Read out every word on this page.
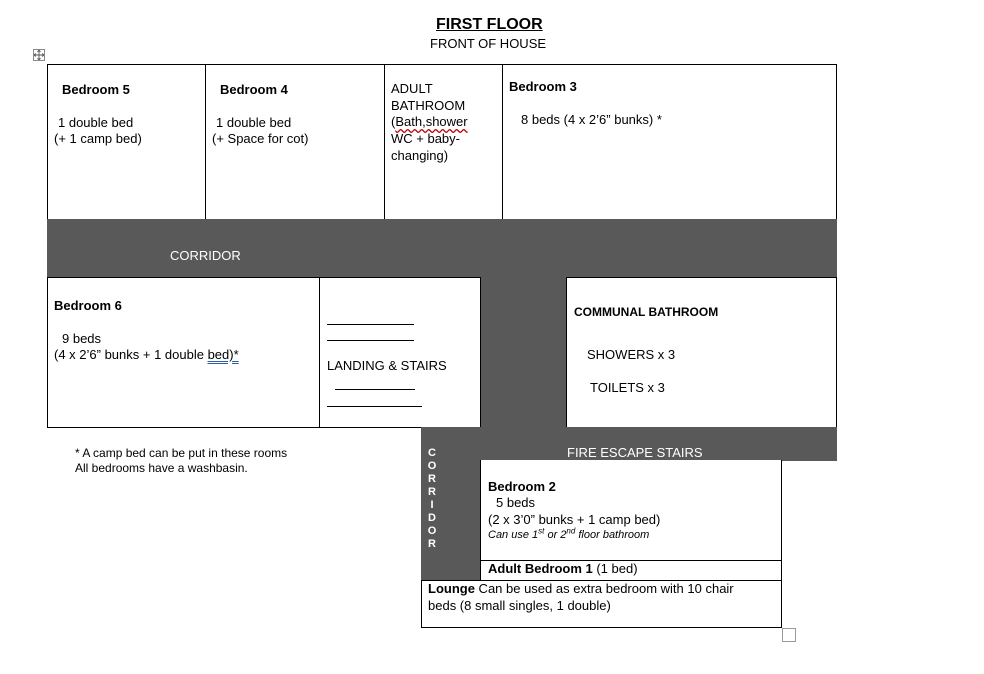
FIRST FLOOR
FRONT OF HOUSE
Bedroom 5
1 double bed
(+ 1 camp bed)
Bedroom 4
1 double bed
(+ Space for cot)
ADULT
BATHROOM
(Bath,shower
WC + baby-
changing)
Bedroom 3
8 beds (4 x 2’6” bunks) *
CORRIDOR
Bedroom 6
9 beds
(4 x 2’6” bunks + 1 double bed)*
LANDING & STAIRS
COMMUNAL BATHROOM
SHOWERS x 3
TOILETS x 3
* A camp bed can be put in these rooms
All bedrooms have a washbasin.
C
O
R
R
I
D
O
R
FIRE ESCAPE STAIRS
Bedroom 2
5 beds
(2 x 3’0” bunks + 1 camp bed)
Can use 1st or 2nd floor bathroom
Adult Bedroom 1 (1 bed)
Lounge Can be used as extra bedroom with 10 chair
beds (8 small singles, 1 double)
